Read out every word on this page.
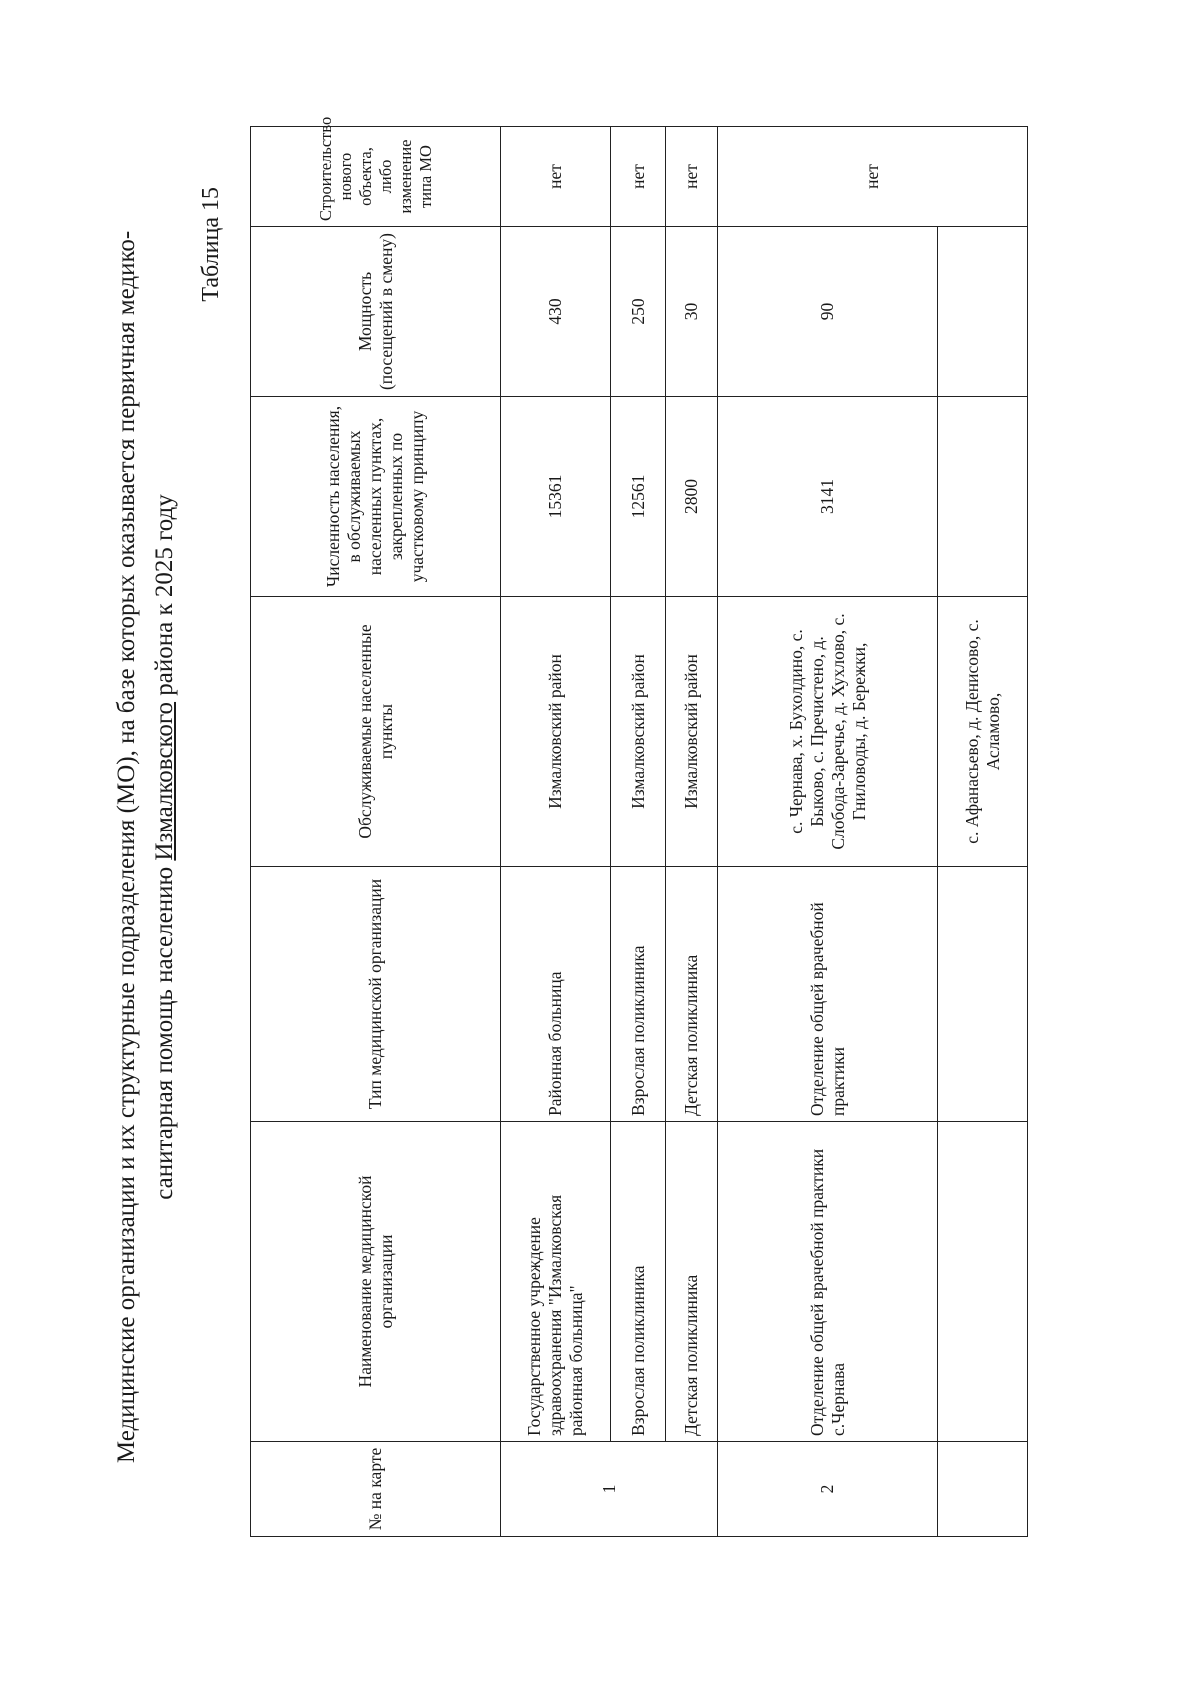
Медицинские организации и их структурные подразделения (МО), на базе которых оказывается первичная медико- санитарная помощь населению Измалковского района к 2025 году
Таблица 15
№ на карте	Наименование медицинской организации	Тип медицинской организации	Обслуживаемые населенные пункты	Численность населения, в обслуживаемых населенных пунктах, закрепленных по участковому принципу	Мощность (посещений в смену)	Строительство нового объекта, либо изменение типа МО
1	Государственное учреждение здравоохранения "Измалковская районная больница"	Районная больница	Измалковский район	15361	430	нет
	Взрослая поликлиника	Взрослая поликлиника	Измалковский район	12561	250	нет
	Детская поликлиника	Детская поликлиника	Измалковский район	2800	30	нет
2	Отделение общей врачебной практики с.Чернава	Отделение общей врачебной практики	с. Чернава, х. Бухолдино, с. Быково, с. Пречистено, д. Слобода-Заречье, д. Хухлово, с. Гниловоды, д. Бережки,	3141	90	нет
			с. Афанасьево, д. Денисово, с. Асламово,			
